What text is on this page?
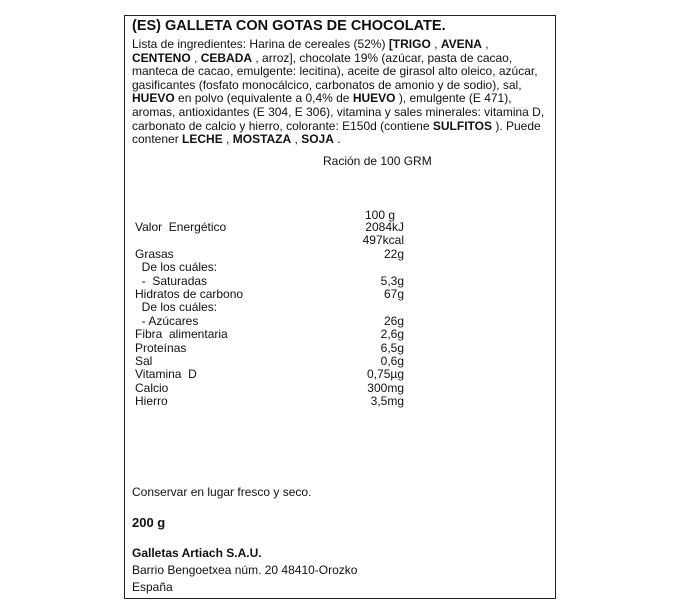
(ES) GALLETA CON GOTAS DE CHOCOLATE.
Lista de ingredientes: Harina de cereales (52%) [TRIGO , AVENA , CENTENO , CEBADA , arroz], chocolate 19% (azúcar, pasta de cacao, manteca de cacao, emulgente: lecitina), aceite de girasol alto oleico, azúcar, gasificantes (fosfato monocálcico, carbonatos de amonio y de sodio), sal, HUEVO en polvo (equivalente a 0,4% de HUEVO ), emulgente (E 471), aromas, antioxidantes (E 304, E 306), vitamina y sales minerales: vitamina D, carbonato de calcio y hierro, colorante: E150d (contiene SULFITOS ). Puede contener LECHE , MOSTAZA , SOJA .
Ración de 100 GRM
100 g
Valor  Energético	2084kJ
497kcal
Grasas	22g
De los cuáles:
-  Saturadas	5,3g
Hidratos de carbono	67g
De los cuáles:
- Azúcares	26g
Fibra  alimentaria	2,6g
Proteínas	6,5g
Sal	0,6g
Vitamina  D	0,75µg
Calcio	300mg
Hierro	3,5mg
Conservar en lugar fresco y seco.
200 g
Galletas Artiach S.A.U.
Barrio Bengoetxea núm. 20 48410-Orozko
España
